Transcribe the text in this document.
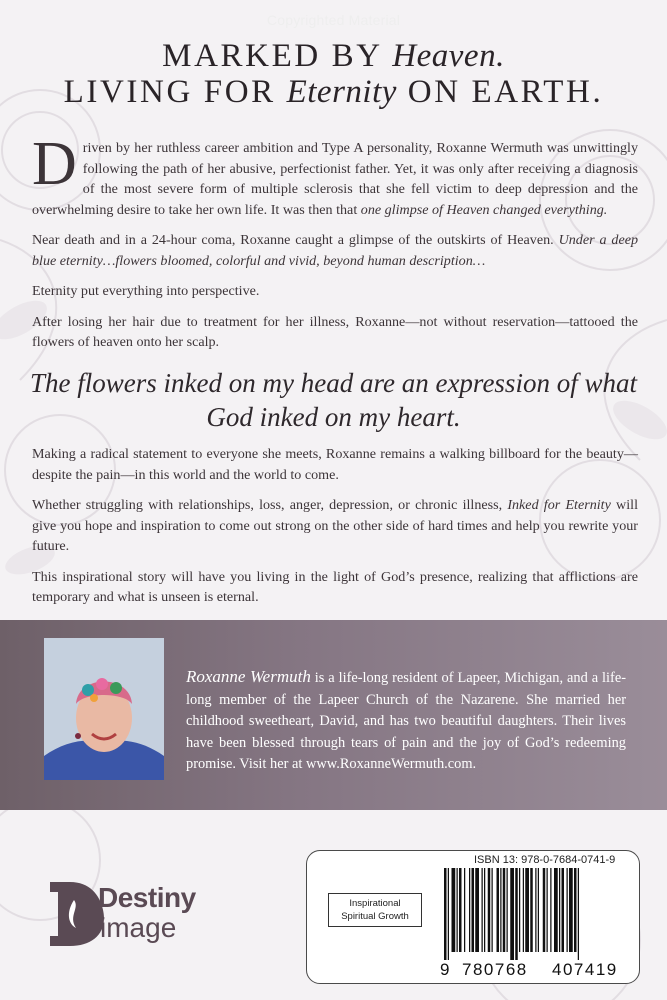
Copyrighted Material
MARKED BY Heaven.
LIVING FOR Eternity ON EARTH.

Driven by her ruthless career ambition and Type A personality, Roxanne Wermuth was unwittingly following the path of her abusive, perfectionist father. Yet, it was only after receiving a diagnosis of the most severe form of multiple sclerosis that she fell victim to deep depression and the overwhelming desire to take her own life. It was then that one glimpse of Heaven changed everything.

Near death and in a 24-hour coma, Roxanne caught a glimpse of the outskirts of Heaven. Under a deep blue eternity…flowers bloomed, colorful and vivid, beyond human description…

Eternity put everything into perspective.

After losing her hair due to treatment for her illness, Roxanne—not without reservation—tattooed the flowers of heaven onto her scalp.

The flowers inked on my head are an expression of what
God inked on my heart.

Making a radical statement to everyone she meets, Roxanne remains a walking billboard for the beauty—despite the pain—in this world and the world to come.

Whether struggling with relationships, loss, anger, depression, or chronic illness, Inked for Eternity will give you hope and inspiration to come out strong on the other side of hard times and help you rewrite your future.

This inspirational story will have you living in the light of God’s presence, realizing that afflictions are temporary and what is unseen is eternal.

Roxanne Wermuth is a life-long resident of Lapeer, Michigan, and a life-long member of the Lapeer Church of the Nazarene. She married her childhood sweetheart, David, and has two beautiful daughters. Their lives have been blessed through tears of pain and the joy of God’s redeeming promise. Visit her at www.RoxanneWermuth.com.
Destiny
image
Inspirational
Spiritual Growth
ISBN 13: 978-0-7684-0741-9
9 780768 407419
